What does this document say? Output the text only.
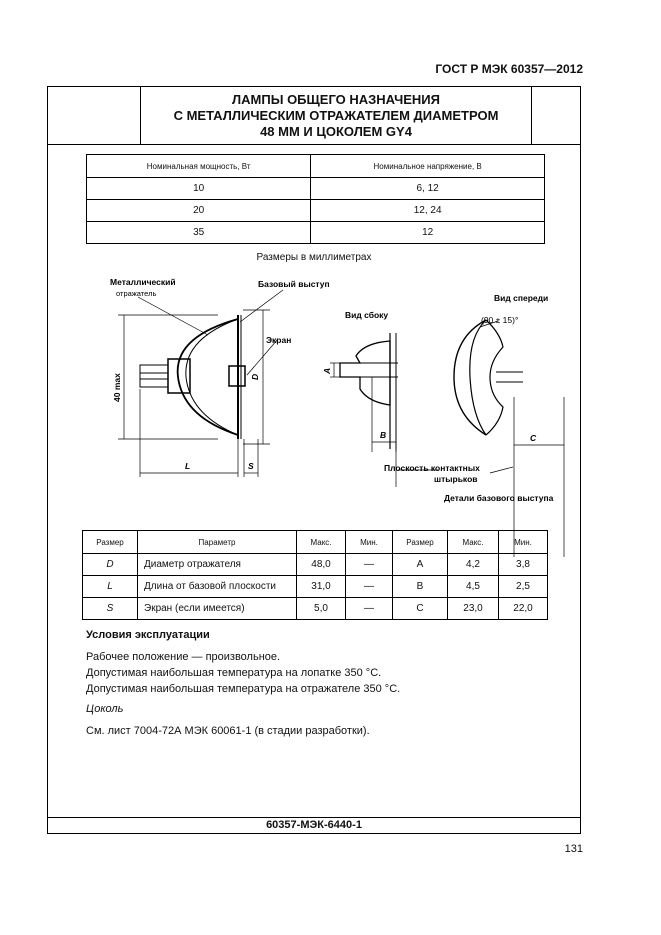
ГОСТ Р МЭК 60357—2012
ЛАМПЫ ОБЩЕГО НАЗНАЧЕНИЯ
С МЕТАЛЛИЧЕСКИМ ОТРАЖАТЕЛЕМ ДИАМЕТРОМ
48 ММ И ЦОКОЛЕМ GY4
Номинальная мощность, Вт	Номинальное напряжение, В
10	6, 12
20	12, 24
35	12
Размеры в миллиметрах
Металлический
отражатель
Базовый выступ
Экран
40 max	D
L	S
Вид сбоку
Вид спереди
(90 ± 15)°
A
B	C
Плоскость контактных
штырьков
Детали базового выступа
Размер	Параметр	Макс.	Мин.	Размер	Макс.	Мин.
D	Диаметр отражателя	48,0	—	A	4,2	3,8
L	Длина от базовой плоскости	31,0	—	B	4,5	2,5
S	Экран (если имеется)	5,0	—	C	23,0	22,0
Условия эксплуатации
Рабочее положение — произвольное.
Допустимая наибольшая температура на лопатке 350 °С.
Допустимая наибольшая температура на отражателе 350 °С.
Цоколь
См. лист 7004-72А МЭК 60061-1 (в стадии разработки).
60357-МЭК-6440-1
131
